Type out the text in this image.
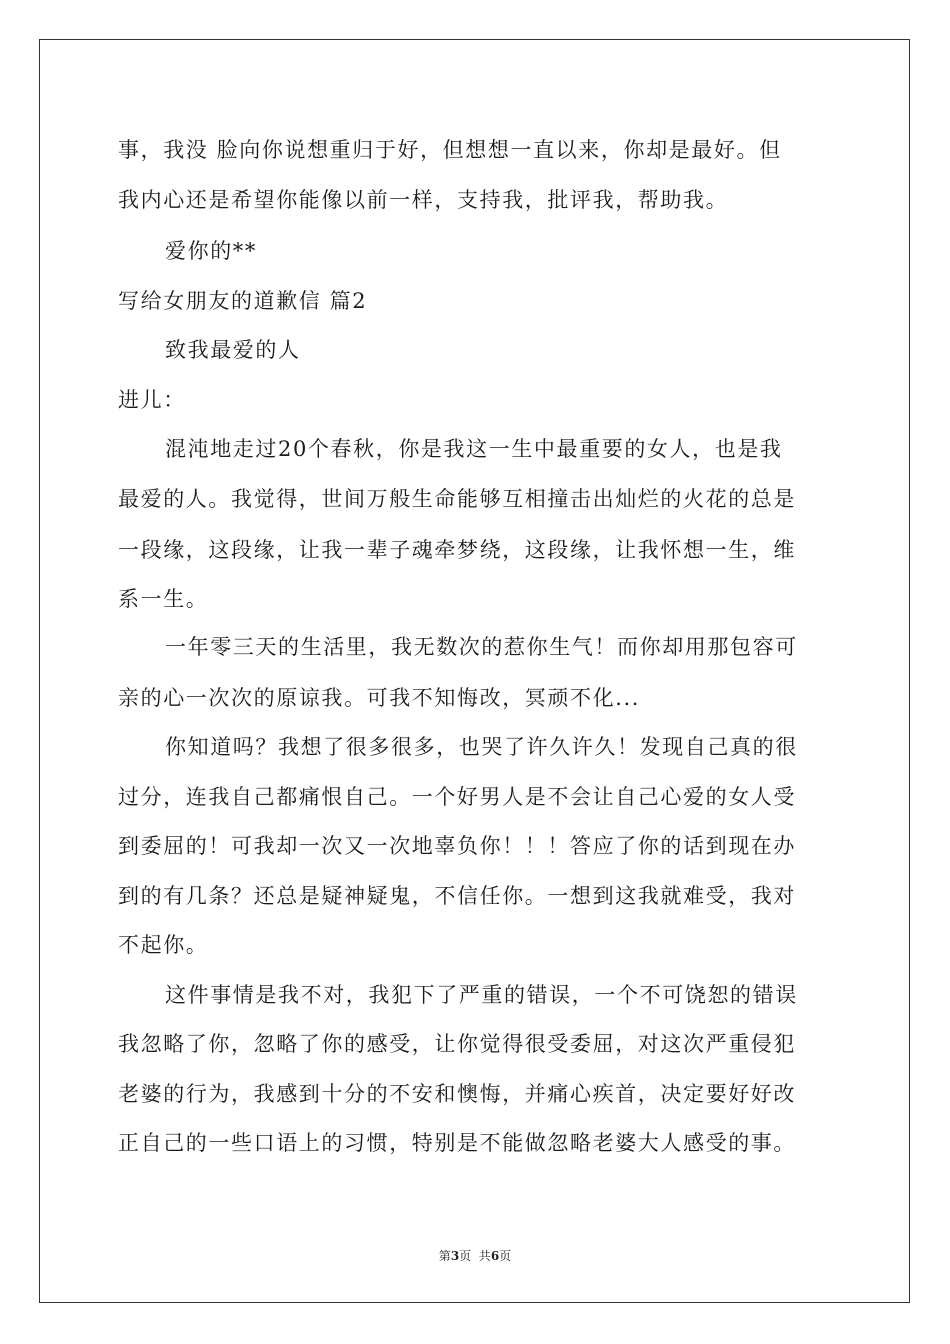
事，我没 脸向你说想重归于好，但想想一直以来，你却是最好。但
我内心还是希望你能像以前一样，支持我，批评我，帮助我。
爱你的**
写给女朋友的道歉信 篇2
致我最爱的人
进儿：
混沌地走过20个春秋，你是我这一生中最重要的女人，也是我
最爱的人。我觉得，世间万般生命能够互相撞击出灿烂的火花的总是
一段缘，这段缘，让我一辈子魂牵梦绕，这段缘，让我怀想一生，维
系一生。
一年零三天的生活里，我无数次的惹你生气！而你却用那包容可
亲的心一次次的原谅我。可我不知悔改，冥顽不化...
你知道吗？我想了很多很多，也哭了许久许久！发现自己真的很
过分，连我自己都痛恨自己。一个好男人是不会让自己心爱的女人受
到委屈的！可我却一次又一次地辜负你！！！答应了你的话到现在办
到的有几条？还总是疑神疑鬼，不信任你。一想到这我就难受，我对
不起你。
这件事情是我不对，我犯下了严重的错误，一个不可饶恕的错误
我忽略了你，忽略了你的感受，让你觉得很受委屈，对这次严重侵犯
老婆的行为，我感到十分的不安和懊悔，并痛心疾首，决定要好好改
正自己的一些口语上的习惯，特别是不能做忽略老婆大人感受的事。
第3页  共6页
